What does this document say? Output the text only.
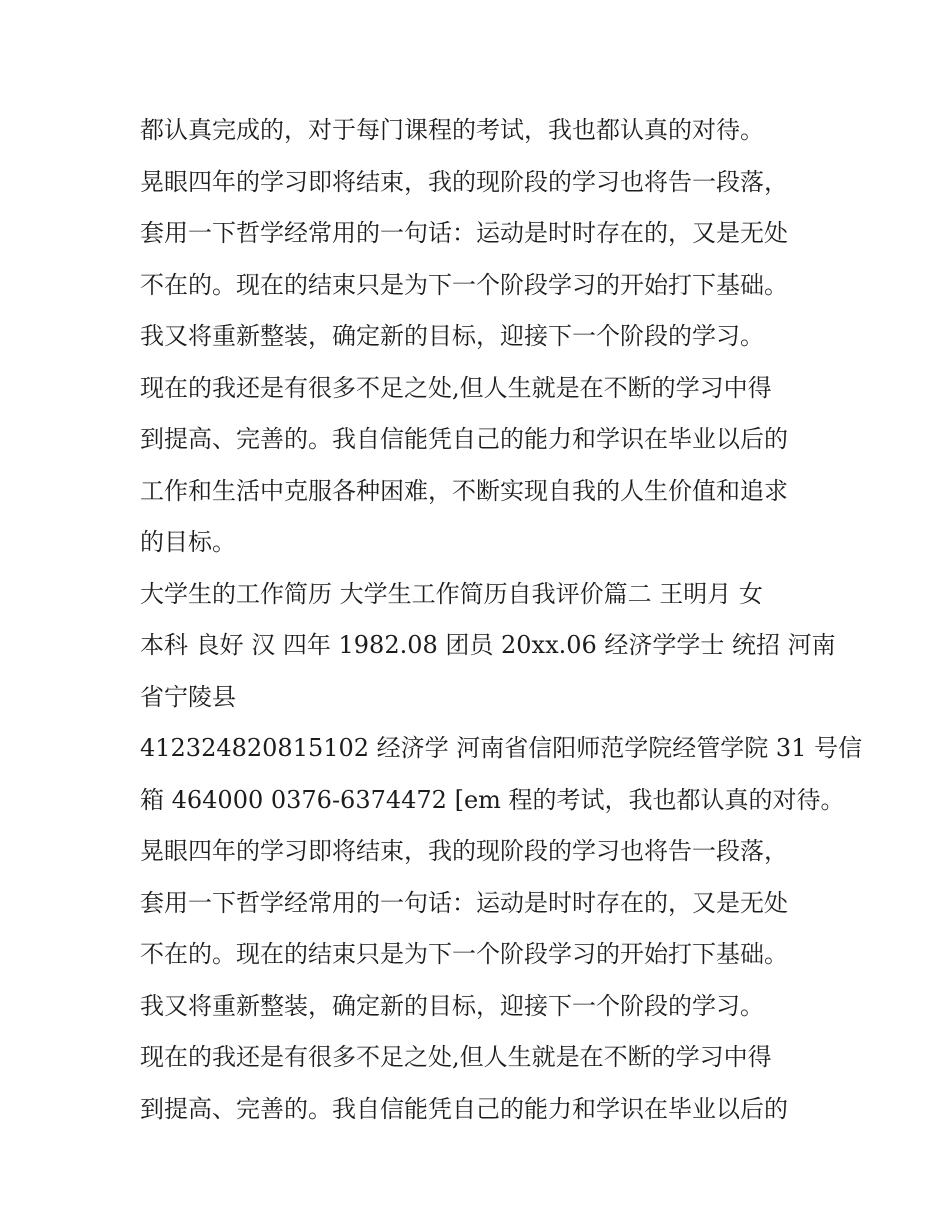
都认真完成的，对于每门课程的考试，我也都认真的对待。
晃眼四年的学习即将结束，我的现阶段的学习也将告一段落，
套用一下哲学经常用的一句话：运动是时时存在的，又是无处
不在的。现在的结束只是为下一个阶段学习的开始打下基础。
我又将重新整装，确定新的目标，迎接下一个阶段的学习。
现在的我还是有很多不足之处,但人生就是在不断的学习中得
到提高、完善的。我自信能凭自己的能力和学识在毕业以后的
工作和生活中克服各种困难，不断实现自我的人生价值和追求
的目标。
大学生的工作简历 大学生工作简历自我评价篇二 王明月 女
本科 良好 汉 四年 1982.08 团员 20xx.06 经济学学士 统招 河南
省宁陵县
412324820815102 经济学 河南省信阳师范学院经管学院 31 号信
箱 464000 0376-6374472 [em 程的考试，我也都认真的对待。
晃眼四年的学习即将结束，我的现阶段的学习也将告一段落，
套用一下哲学经常用的一句话：运动是时时存在的，又是无处
不在的。现在的结束只是为下一个阶段学习的开始打下基础。
我又将重新整装，确定新的目标，迎接下一个阶段的学习。
现在的我还是有很多不足之处,但人生就是在不断的学习中得
到提高、完善的。我自信能凭自己的能力和学识在毕业以后的
